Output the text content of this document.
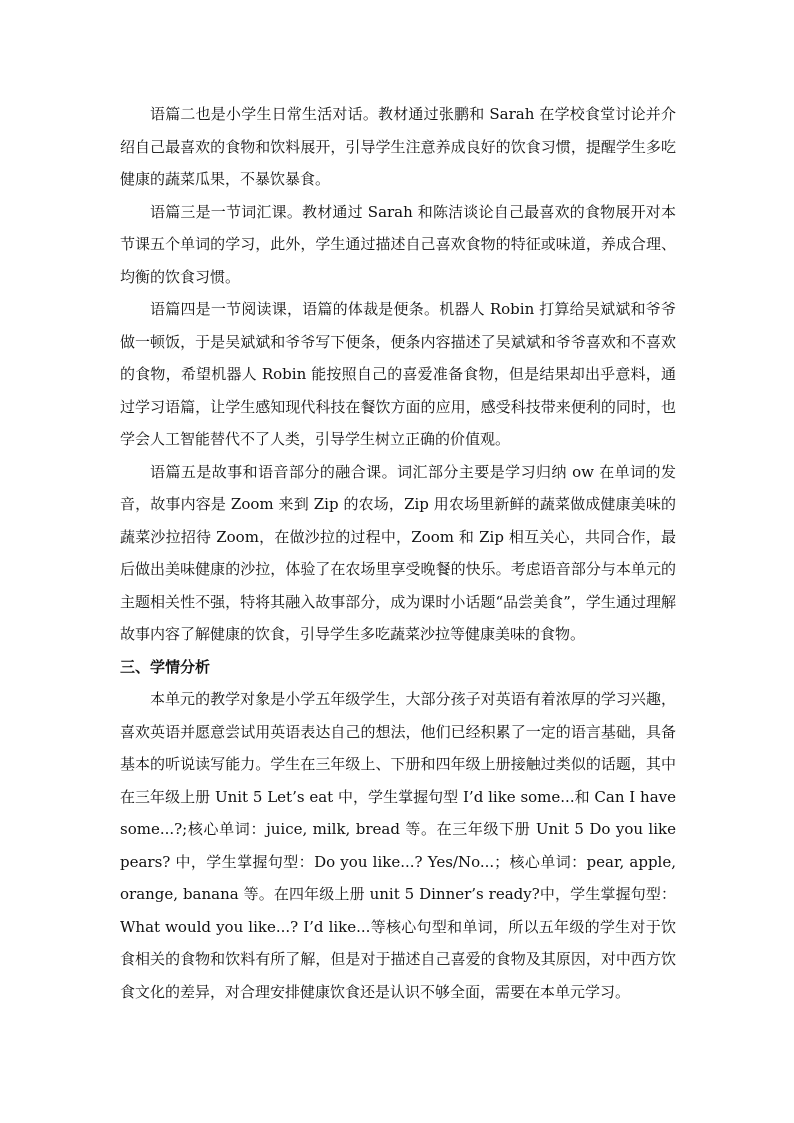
语篇二也是小学生日常生活对话。教材通过张鹏和 Sarah 在学校食堂讨论并介绍自己最喜欢的食物和饮料展开，引导学生注意养成良好的饮食习惯，提醒学生多吃健康的蔬菜瓜果，不暴饮暴食。

语篇三是一节词汇课。教材通过 Sarah 和陈洁谈论自己最喜欢的食物展开对本节课五个单词的学习，此外，学生通过描述自己喜欢食物的特征或味道，养成合理、均衡的饮食习惯。

语篇四是一节阅读课，语篇的体裁是便条。机器人 Robin 打算给吴斌斌和爷爷做一顿饭，于是吴斌斌和爷爷写下便条，便条内容描述了吴斌斌和爷爷喜欢和不喜欢的食物，希望机器人 Robin 能按照自己的喜爱准备食物，但是结果却出乎意料，通过学习语篇，让学生感知现代科技在餐饮方面的应用，感受科技带来便利的同时，也学会人工智能替代不了人类，引导学生树立正确的价值观。

语篇五是故事和语音部分的融合课。词汇部分主要是学习归纳 ow 在单词的发音，故事内容是 Zoom 来到 Zip 的农场，Zip 用农场里新鲜的蔬菜做成健康美味的蔬菜沙拉招待 Zoom，在做沙拉的过程中，Zoom 和 Zip 相互关心，共同合作，最后做出美味健康的沙拉，体验了在农场里享受晚餐的快乐。考虑语音部分与本单元的主题相关性不强，特将其融入故事部分，成为课时小话题“品尝美食”，学生通过理解故事内容了解健康的饮食，引导学生多吃蔬菜沙拉等健康美味的食物。

三、学情分析

本单元的教学对象是小学五年级学生，大部分孩子对英语有着浓厚的学习兴趣，喜欢英语并愿意尝试用英语表达自己的想法，他们已经积累了一定的语言基础，具备基本的听说读写能力。学生在三年级上、下册和四年级上册接触过类似的话题，其中在三年级上册 Unit 5 Let’s eat 中，学生掌握句型 I’d like some...和 Can I have some...?;核心单词：juice, milk, bread 等。在三年级下册 Unit 5 Do you like pears? 中，学生掌握句型：Do you like...? Yes/No...；核心单词：pear, apple, orange, banana 等。在四年级上册 unit 5 Dinner’s ready?中，学生掌握句型：What would you like...? I’d like...等核心句型和单词，所以五年级的学生对于饮食相关的食物和饮料有所了解，但是对于描述自己喜爱的食物及其原因，对中西方饮食文化的差异，对合理安排健康饮食还是认识不够全面，需要在本单元学习。
